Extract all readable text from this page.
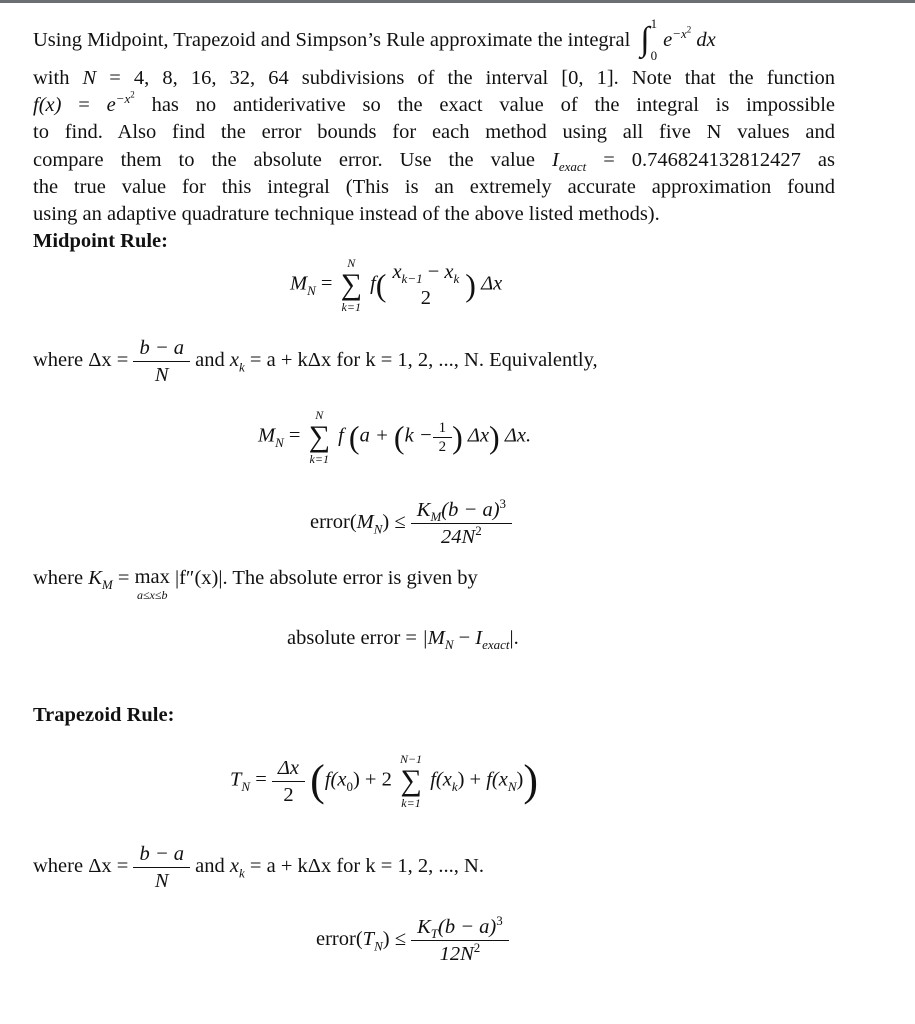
Using Midpoint, Trapezoid and Simpson’s Rule approximate the integral ∫ 1
0
$e^{-x^2}$ dx
with N = 4, 8, 16, 32, 64 subdivisions of the interval [0, 1]. Note that the function
$f(x) = e^{-x^2}$ has no antiderivative so the exact value of the integral is impossible
to find. Also find the error bounds for each method using all five N values and
compare them to the absolute error. Use the value $I_{exact} = 0.746824132812427$ as
the true value for this integral (This is an extremely accurate approximation found
using an adaptive quadrature technique instead of the above listed methods).
Midpoint Rule:
$M_N$ =
N
∑
k=1
f( $x_{k-1} - x_k$
2	) Δx
where $\Delta x = \frac{b - a}{N}$ and $x_k = a + k\Delta x$ for k = 1, 2, ..., N. Equivalently,
$M_N$ =
N
∑
k=1
f ($a + (k - \frac{1}{2}$ ) Δx) Δx.
$error(M_N) \le \frac{K_M(b - a)^3}{24N^2}$
where $K_M = \max$
a≤x≤b
|f″(x)|. The absolute error is given by
absolute error = $|M_N - I_{exact}|$.
Trapezoid Rule:
$T_N = \frac{\Delta x}{2} (f(x_0) + 2$
N−1
∑
k=1
$f(x_k) + f(x_N)$)
where $\Delta x = \frac{b - a}{N}$ and $x_k = a + k\Delta x$ for k = 1, 2, ..., N.
$error(T_N) \le \frac{K_T(b - a)^3}{12N^2}$
